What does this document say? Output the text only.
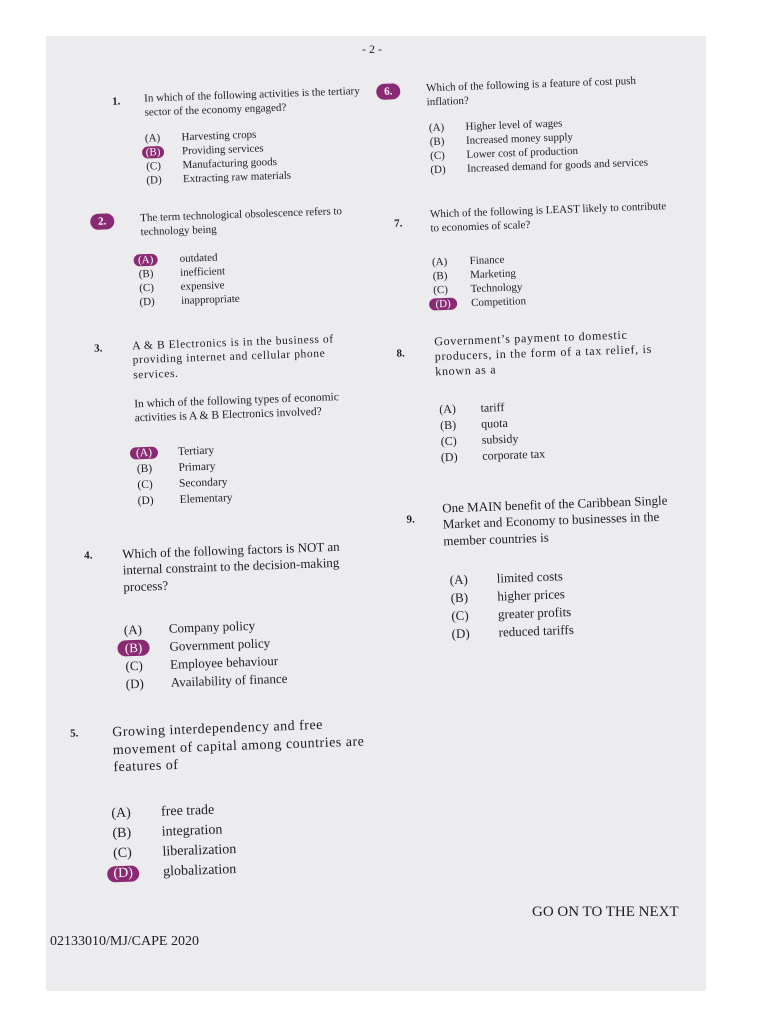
- 2 -
1.	In which of the following activities is the tertiary sector of the economy engaged?
(A) Harvesting crops
(B) Providing services
(C) Manufacturing goods
(D) Extracting raw materials
2.	The term technological obsolescence refers to technology being
(A) outdated
(B) inefficient
(C) expensive
(D) inappropriate
3.	A & B Electronics is in the business of providing internet and cellular phone services.
In which of the following types of economic activities is A & B Electronics involved?
(A) Tertiary
(B) Primary
(C) Secondary
(D) Elementary
4.	Which of the following factors is NOT an internal constraint to the decision-making process?
(A) Company policy
(B) Government policy
(C) Employee behaviour
(D) Availability of finance
5.	Growing interdependency and free movement of capital among countries are features of
(A) free trade
(B) integration
(C) liberalization
(D) globalization
6.	Which of the following is a feature of cost push inflation?
(A) Higher level of wages
(B) Increased money supply
(C) Lower cost of production
(D) Increased demand for goods and services
7.
Which of the following is LEAST likely to contribute to economies of scale?
(A) Finance
(B) Marketing
(C) Technology
(D) Competition
8.
Government’s payment to domestic producers, in the form of a tax relief, is known as a
(A) tariff
(B) quota
(C) subsidy
(D) corporate tax
9.
One MAIN benefit of the Caribbean Single Market and Economy to businesses in the member countries is
(A) limited costs
(B) higher prices
(C) greater profits
(D) reduced tariffs
GO ON TO THE NEXT
02133010/MJ/CAPE 2020
